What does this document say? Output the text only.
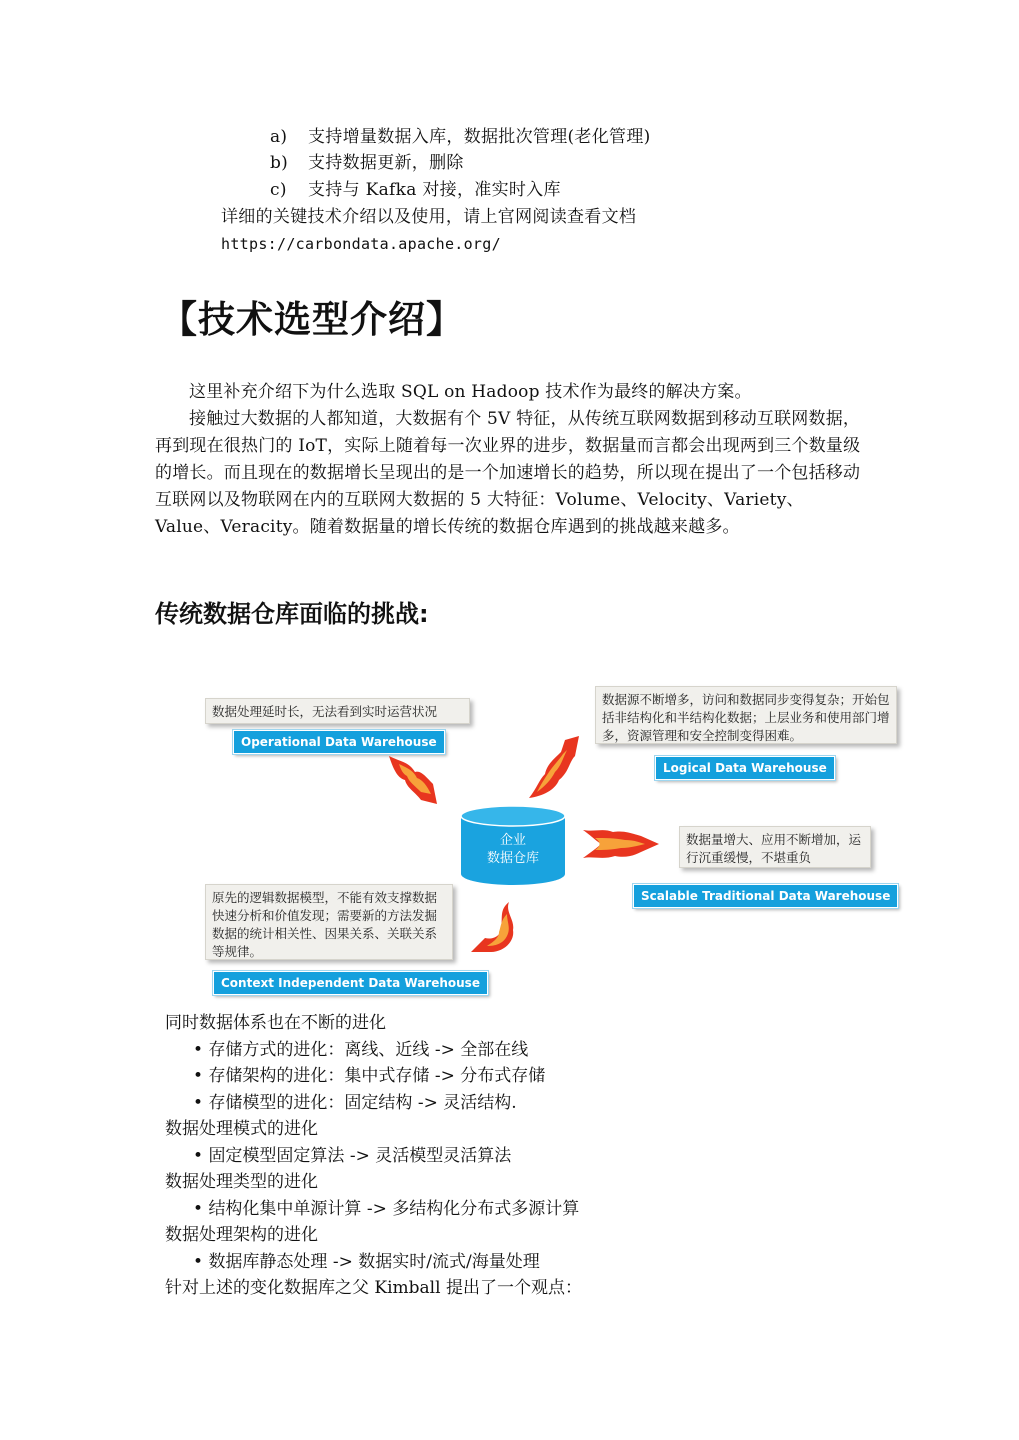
a) 支持增量数据入库，数据批次管理(老化管理)
b) 支持数据更新，删除
c) 支持与 Kafka 对接，准实时入库
详细的关键技术介绍以及使用，请上官网阅读查看文档
https://carbondata.apache.org/
【技术选型介绍】

这里补充介绍下为什么选取 SQL on Hadoop 技术作为最终的解决方案。

接触过大数据的人都知道，大数据有个 5V 特征，从传统互联网数据到移动互联网数据，再到现在很热门的 IoT，实际上随着每一次业界的进步，数据量而言都会出现两到三个数量级的增长。而且现在的数据增长呈现出的是一个加速增长的趋势，所以现在提出了一个包括移动互联网以及物联网在内的互联网大数据的 5 大特征：Volume、Velocity、Variety、Value、Veracity。随着数据量的增长传统的数据仓库遇到的挑战越来越多。

传统数据仓库面临的挑战:
企业
数据仓库
数据处理延时长，无法看到实时运营状况
Operational Data Warehouse
数据源不断增多，访问和数据同步变得复杂；开始包括非结构化和半结构化数据；上层业务和使用部门增多，资源管理和安全控制变得困难。
Logical Data Warehouse
数据量增大、应用不断增加，运行沉重缓慢，不堪重负
Scalable Traditional Data Warehouse
原先的逻辑数据模型，不能有效支撑数据快速分析和价值发现；需要新的方法发掘数据的统计相关性、因果关系、关联关系等规律。
Context Independent Data Warehouse
同时数据体系也在不断的进化
• 存储方式的进化：离线、近线 -> 全部在线
• 存储架构的进化：集中式存储 -> 分布式存储
• 存储模型的进化：固定结构 -> 灵活结构.
数据处理模式的进化
• 固定模型固定算法 -> 灵活模型灵活算法
数据处理类型的进化
• 结构化集中单源计算 -> 多结构化分布式多源计算
数据处理架构的进化
• 数据库静态处理 -> 数据实时/流式/海量处理
针对上述的变化数据库之父 Kimball 提出了一个观点：
